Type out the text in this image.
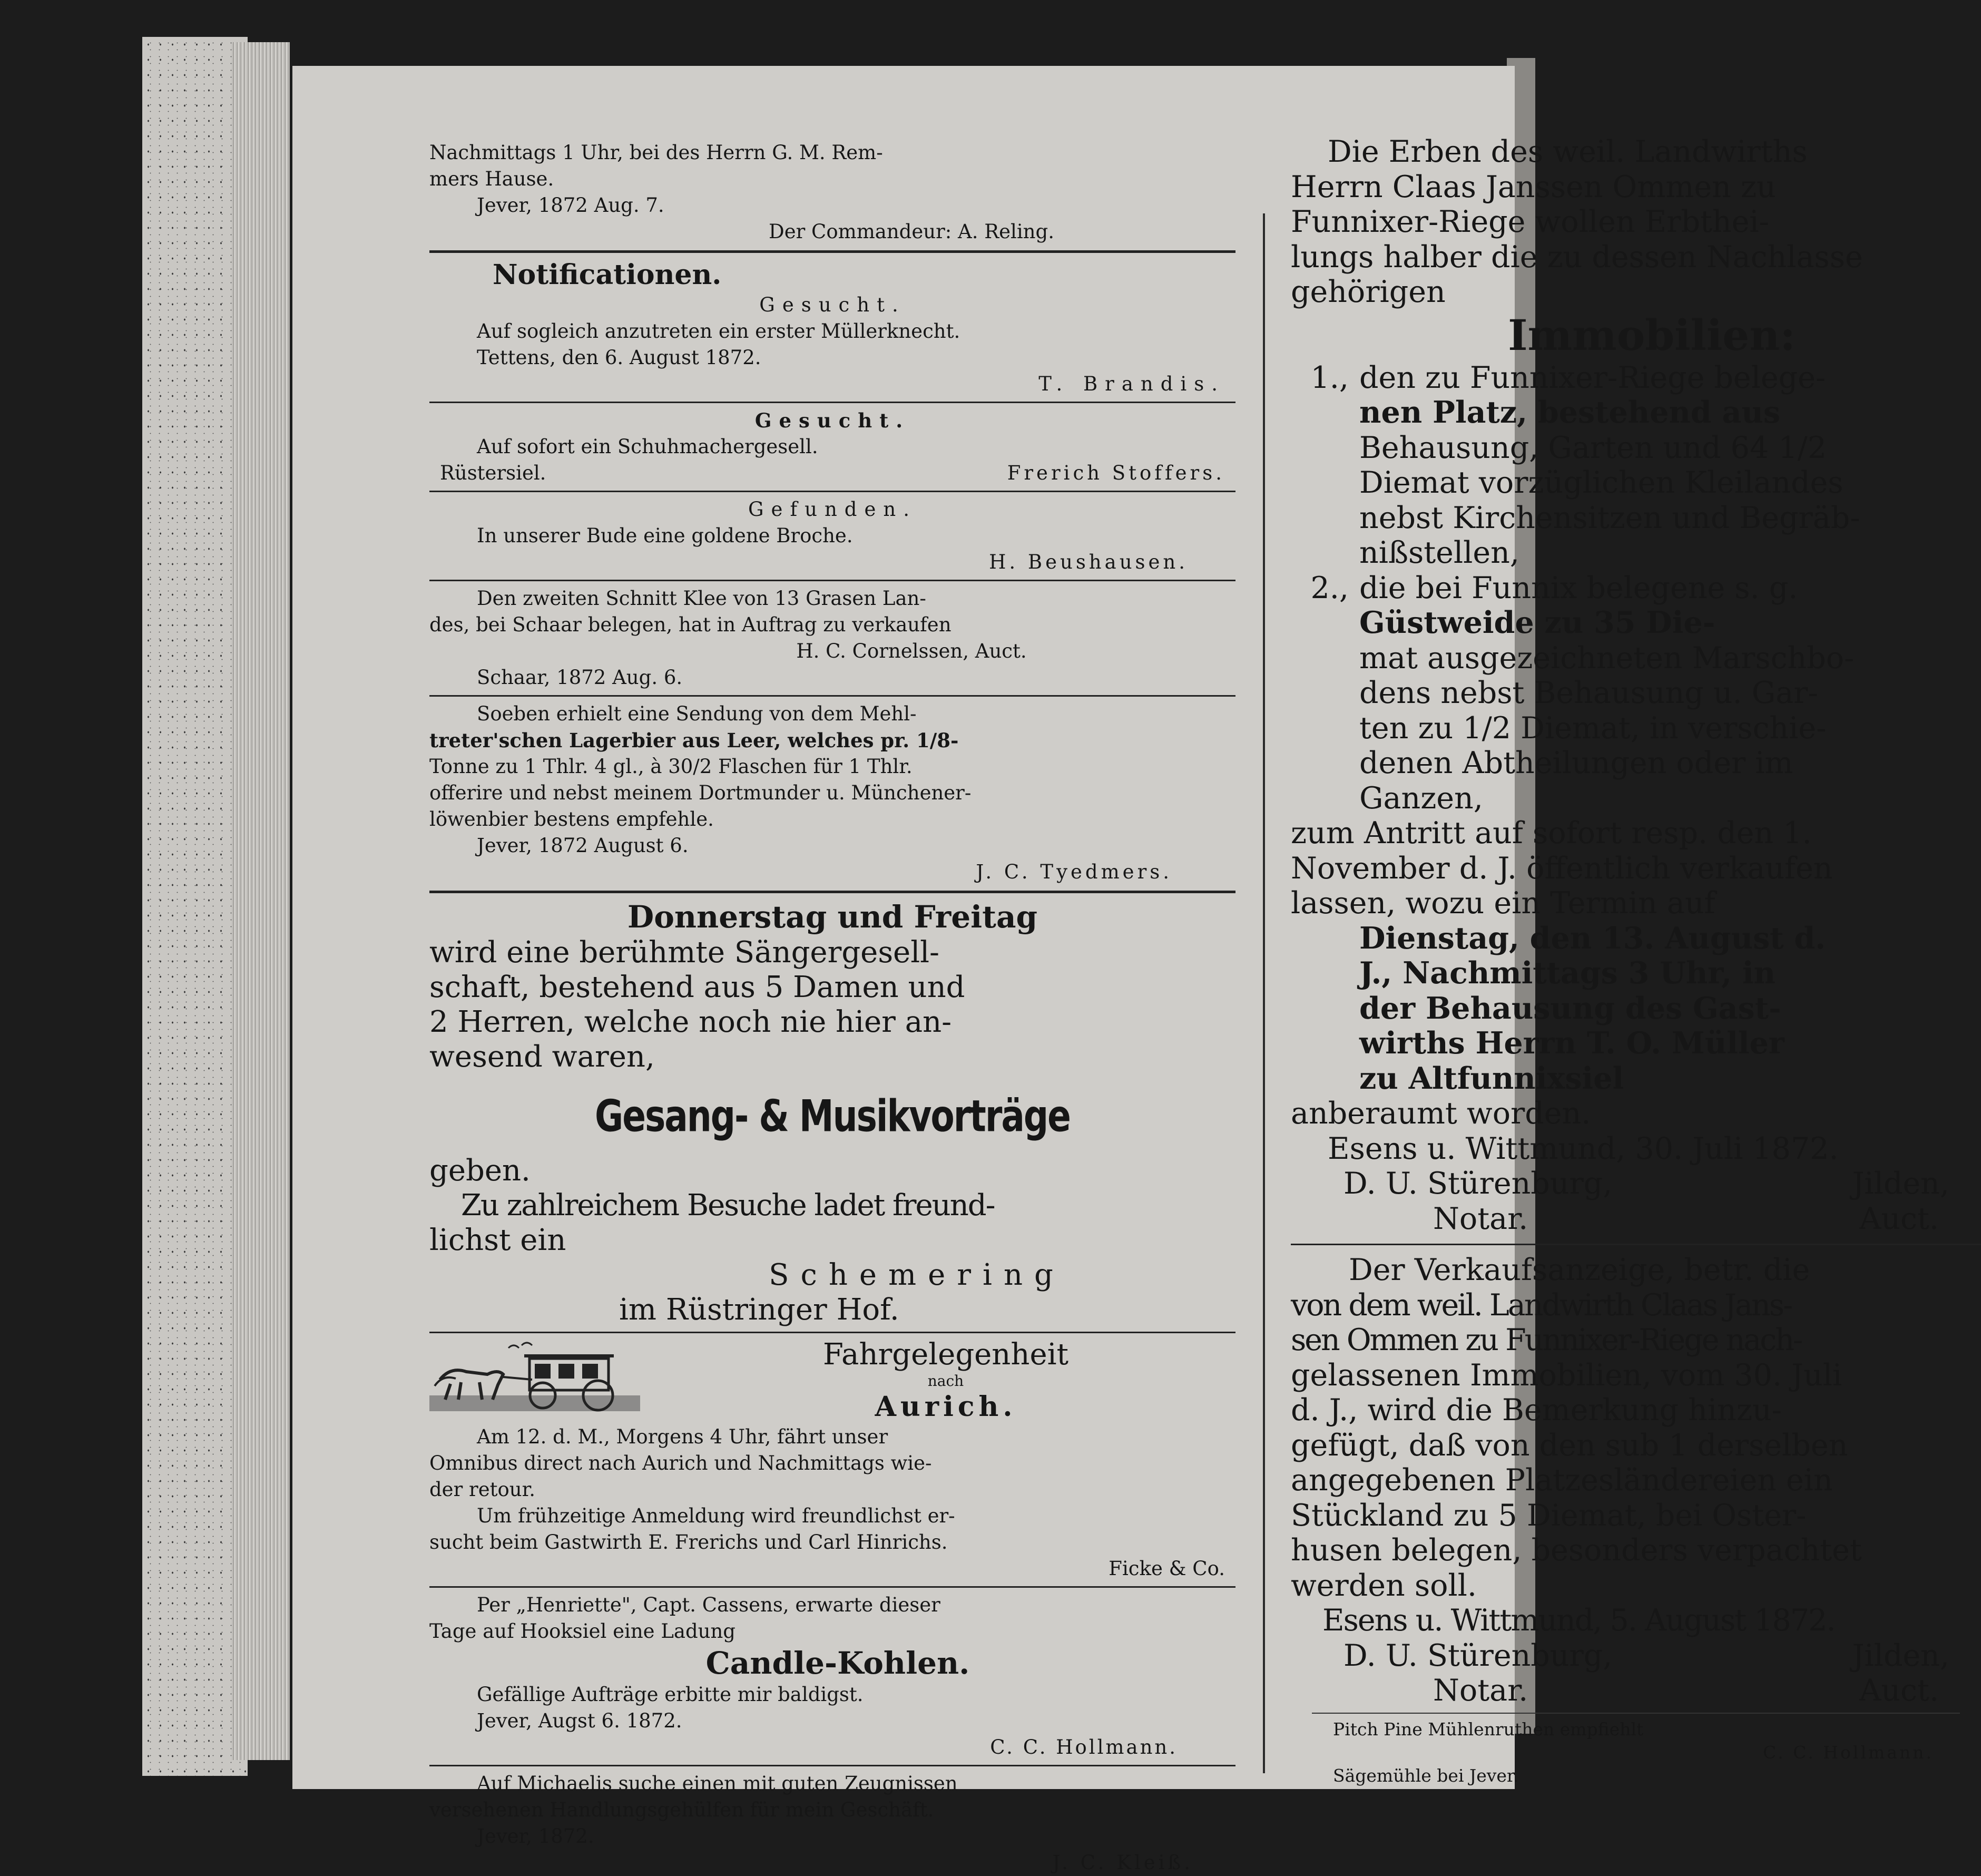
Nachmittags 1 Uhr, bei des Herrn G. M. Rem-

mers Hause.

Jever, 1872 Aug. 7.

Der Commandeur: A. Reling.

Notificationen.

Gesucht.

Auf sogleich anzutreten ein erster Müllerknecht.

Tettens, den 6. August 1872.

T. Brandis.

Gesucht.

Auf sofort ein Schuhmachergesell.

Rüstersiel.	Frerich Stoffers.

Gefunden.

In unserer Bude eine goldene Broche.

H. Beushausen.

Den zweiten Schnitt Klee von 13 Grasen Lan-

des, bei Schaar belegen, hat in Auftrag zu verkaufen

H. C. Cornelssen, Auct.

Schaar, 1872 Aug. 6.

Soeben erhielt eine Sendung von dem Mehl-

treter'schen Lagerbier aus Leer, welches pr. 1/8-

Tonne zu 1 Thlr. 4 gl., à 30/2 Flaschen für 1 Thlr.

offerire und nebst meinem Dortmunder u. Münchener-

löwenbier bestens empfehle.

Jever, 1872 August 6.

J. C. Tyedmers.

Donnerstag und Freitag

wird eine berühmte Sängergesell-

schaft, bestehend aus 5 Damen und

2 Herren, welche noch nie hier an-

wesend waren,

Gesang- & Musikvorträge

geben.

Zu zahlreichem Besuche ladet freund-

lichst ein

Schemering

im Rüstringer Hof.

Fahrgelegenheit

nach

Aurich.

Am 12. d. M., Morgens 4 Uhr, fährt unser

Omnibus direct nach Aurich und Nachmittags wie-

der retour.

Um frühzeitige Anmeldung wird freundlichst er-

sucht beim Gastwirth E. Frerichs und Carl Hinrichs.

Ficke & Co.

Per „Henriette", Capt. Cassens, erwarte dieser

Tage auf Hooksiel eine Ladung

Candle-Kohlen.

Gefällige Aufträge erbitte mir baldigst.

Jever, Augst 6. 1872.

C. C. Hollmann.

Auf Michaelis suche einen mit guten Zeugnissen

versehenen Handlungsgehülfen für mein Geschäft.

Jever, 1872.

J. C. Kleiß.

Die Erben des weil. Landwirths

Herrn Claas Janssen Ommen zu

Funnixer-Riege wollen Erbthei-

lungs halber die zu dessen Nachlasse

gehörigen

Immobilien:

1., den zu Funnixer-Riege belege-

nen Platz, bestehend aus

Behausung, Garten und 64 1/2

Diemat vorzüglichen Kleilandes

nebst Kirchensitzen und Begräb-

nißstellen,

2., die bei Funnix belegene s. g.

Güstweide zu 35 Die-

mat ausgezeichneten Marschbo-

dens nebst Behausung u. Gar-

ten zu 1/2 Diemat, in verschie-

denen Abtheilungen oder im

Ganzen,

zum Antritt auf sofort resp. den 1.

November d. J. öffentlich verkaufen

lassen, wozu ein Termin auf

Dienstag, den 13. August d.

J., Nachmittags 3 Uhr, in

der Behausung des Gast-

wirths Herrn T. O. Müller

zu Altfunnixsiel

anberaumt worden.

Esens u. Wittmund, 30. Juli 1872.

D. U. Stürenburg,	Jilden,

Notar.	Auct.

Der Verkaufsanzeige, betr. die

von dem weil. Landwirth Claas Jans-

sen Ommen zu Funnixer-Riege nach-

gelassenen Immobilien, vom 30. Juli

d. J., wird die Bemerkung hinzu-

gefügt, daß von den sub 1 derselben

angegebenen Platzesländereien ein

Stückland zu 5 Diemat, bei Oster-

husen belegen, besonders verpachtet

werden soll.

Esens u. Wittmund, 5. August 1872.

D. U. Stürenburg,	Jilden,

Notar.	Auct.

Pitch Pine Mühlenruthen empfiehlt

C. C. Hollmann.

Sägemühle bei Jever.
